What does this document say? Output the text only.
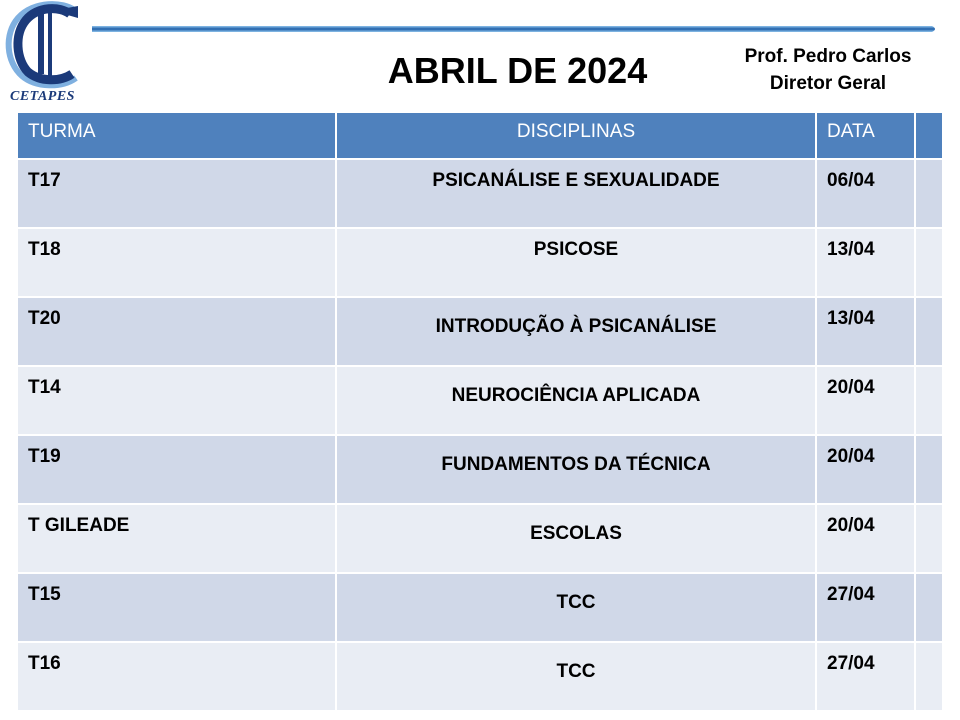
CETAPES
ABRIL DE 2024	Prof. Pedro Carlos
Diretor Geral
TURMA	DISCIPLINAS	DATA
T17	PSICANÁLISE E SEXUALIDADE	06/04
T18	PSICOSE	13/04
T20	INTRODUÇÃO À PSICANÁLISE	13/04
T14	NEUROCIÊNCIA APLICADA	20/04
T19	FUNDAMENTOS DA TÉCNICA	20/04
T GILEADE	ESCOLAS	20/04
T15	TCC	27/04
T16	TCC	27/04
